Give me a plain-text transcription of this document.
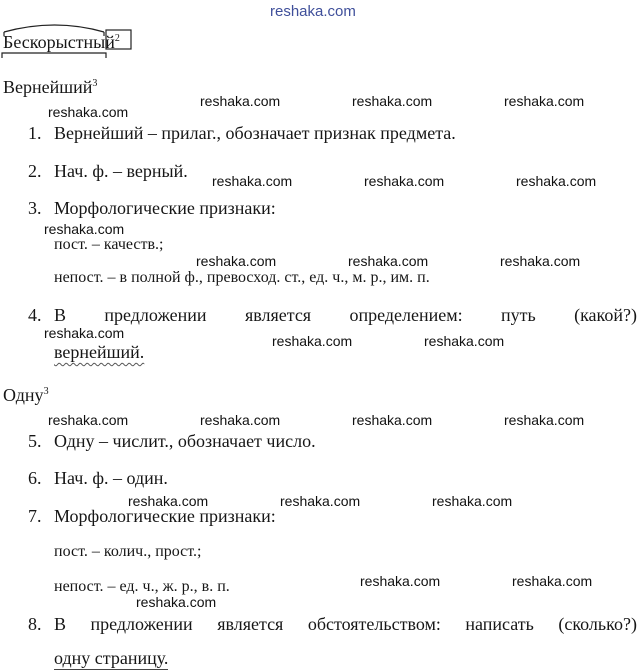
reshaka.com
Бескорыстный$^2$
Вернейший$^3$
1. Вернейший – прилаг., обозначает признак предмета.
2. Нач. ф. – верный.
3. Морфологические признаки:
пост. – качеств.;
непост. – в полной ф., превосход. ст., ед. ч., м. р., им. п.
4. В предложении является определением: путь (какой?)
вернейший.
Одну$^3$
5. Одну – числит., обозначает число.
6. Нач. ф. – один.
7. Морфологические признаки:
пост. – колич., прост.;
непост. – ед. ч., ж. р., в. п.
8. В предложении является обстоятельством: написать (сколько?)
одну страницу.
reshaka.com
reshaka.com	reshaka.com	reshaka.com
reshaka.com	reshaka.com	reshaka.com
reshaka.com
reshaka.com	reshaka.com	reshaka.com
reshaka.com	reshaka.com	reshaka.com
reshaka.com	reshaka.com	reshaka.com	reshaka.com
reshaka.com	reshaka.com	reshaka.com
reshaka.com	reshaka.com
reshaka.com
